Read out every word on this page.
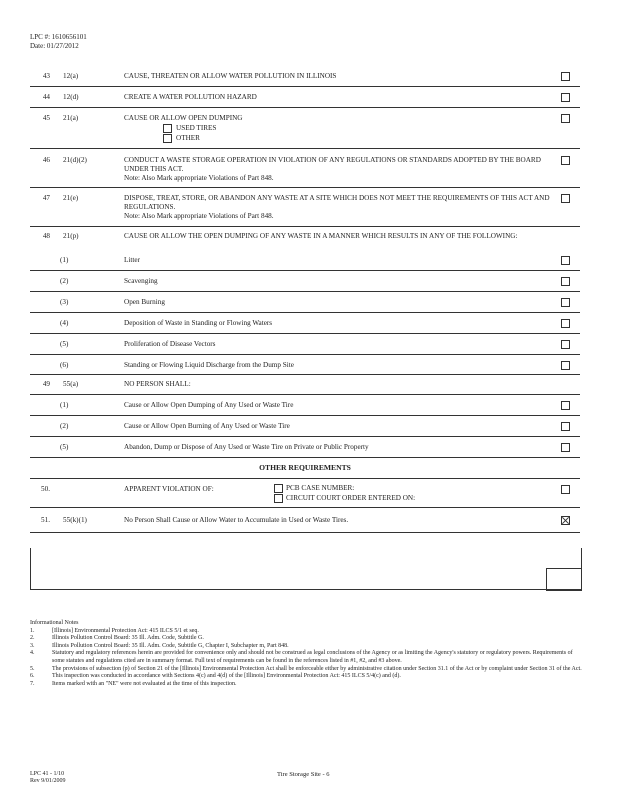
LPC #: 1610656101
Date: 01/27/2012
43 12(a)	CAUSE, THREATEN OR ALLOW WATER POLLUTION IN ILLINOIS
44 12(d)	CREATE A WATER POLLUTION HAZARD
45 21(a)	CAUSE OR ALLOW OPEN DUMPING
USED TIRES
OTHER
46 21(d)(2)	CONDUCT A WASTE STORAGE OPERATION IN VIOLATION OF ANY REGULATIONS OR STANDARDS ADOPTED BY THE BOARD UNDER THIS ACT.
Note: Also Mark appropriate Violations of Part 848.
47 21(e)	DISPOSE, TREAT, STORE, OR ABANDON ANY WASTE AT A SITE WHICH DOES NOT MEET THE REQUIREMENTS OF THIS ACT AND REGULATIONS.
Note: Also Mark appropriate Violations of Part 848.
48 21(p)	CAUSE OR ALLOW THE OPEN DUMPING OF ANY WASTE IN A MANNER WHICH RESULTS IN ANY OF THE FOLLOWING:
(1)	Litter
(2)	Scavenging
(3)	Open Burning
(4)	Deposition of Waste in Standing or Flowing Waters
(5)	Proliferation of Disease Vectors
(6)	Standing or Flowing Liquid Discharge from the Dump Site
49 55(a)	NO PERSON SHALL:
(1)	Cause or Allow Open Dumping of Any Used or Waste Tire
(2)	Cause or Allow Open Burning of Any Used or Waste Tire
(5)	Abandon, Dump or Dispose of Any Used or Waste Tire on Private or Public Property
OTHER REQUIREMENTS
50.	APPARENT VIOLATION OF:	PCB CASE NUMBER:
CIRCUIT COURT ORDER ENTERED ON:
51. 55(k)(1)	No Person Shall Cause or Allow Water to Accumulate in Used or Waste Tires.
Informational Notes
1.	[Illinois] Environmental Protection Act: 415 ILCS 5/1 et seq.
2.	Illinois Pollution Control Board: 35 Ill. Adm. Code, Subtitle G.
3.	Illinois Pollution Control Board: 35 Ill. Adm. Code, Subtitle G, Chapter I, Subchapter m, Part 848.
4.	Statutory and regulatory references herein are provided for convenience only and should not be construed as legal conclusions of the Agency or as limiting the Agency's statutory or regulatory powers. Requirements of some statutes and regulations cited are in summary format. Full text of requirements can be found in the references listed in #1, #2, and #3 above.
5.	The provisions of subsection (p) of Section 21 of the [Illinois] Environmental Protection Act shall be enforceable either by administrative citation under Section 31.1 of the Act or by complaint under Section 31 of the Act.
6.	This inspection was conducted in accordance with Sections 4(c) and 4(d) of the [Illinois] Environmental Protection Act: 415 ILCS 5/4(c) and (d).
7.	Items marked with an "NE" were not evaluated at the time of this inspection.
LPC 41 - 1/10
Rev 9/01/2009
Tire Storage Site - 6
